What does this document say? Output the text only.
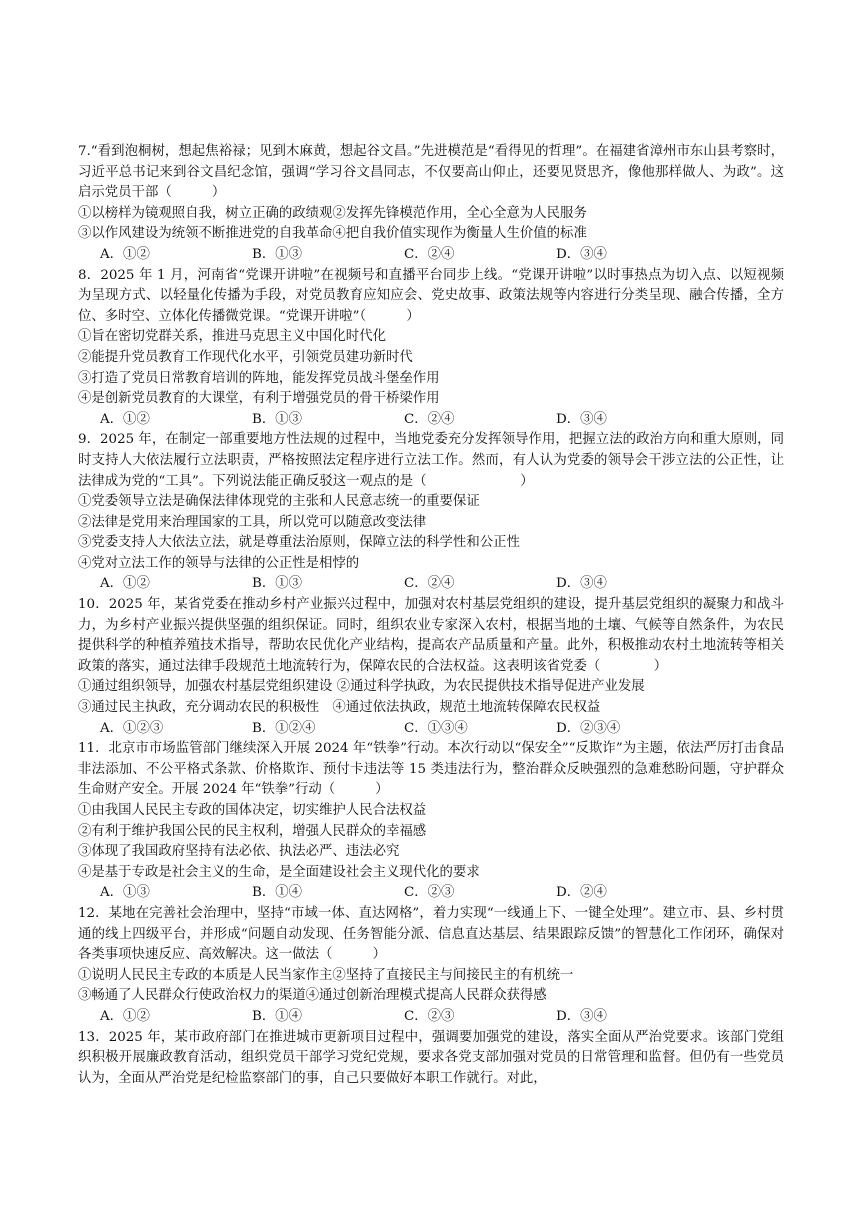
7.“看到泡桐树，想起焦裕禄；见到木麻黄，想起谷文昌。”先进模范是“看得见的哲理”。在福建省漳州市东山县考察时，习近平总书记来到谷文昌纪念馆，强调“学习谷文昌同志，不仅要高山仰止，还要见贤思齐，像他那样做人、为政”。这启示党员干部（　　　）

①以榜样为镜观照自我，树立正确的政绩观②发挥先锋模范作用，全心全意为人民服务

③以作风建设为统领不断推进党的自我革命④把自我价值实现作为衡量人生价值的标准

A．①②	B．①③	C．②④	D．③④

8．2025 年 1 月，河南省“党课开讲啦”在视频号和直播平台同步上线。“党课开讲啦”以时事热点为切入点、以短视频为呈现方式、以轻量化传播为手段，对党员教育应知应会、党史故事、政策法规等内容进行分类呈现、融合传播，全方位、多时空、立体化传播微党课。“党课开讲啦”（　　　）

①旨在密切党群关系，推进马克思主义中国化时代化

②能提升党员教育工作现代化水平，引领党员建功新时代

③打造了党员日常教育培训的阵地，能发挥党员战斗堡垒作用

④是创新党员教育的大课堂，有利于增强党员的骨干桥梁作用

A．①②	B．①③	C．②④	D．③④

9．2025 年，在制定一部重要地方性法规的过程中，当地党委充分发挥领导作用，把握立法的政治方向和重大原则，同时支持人大依法履行立法职责，严格按照法定程序进行立法工作。然而，有人认为党委的领导会干涉立法的公正性，让法律成为党的“工具”。下列说法能正确反驳这一观点的是（　　　　　　　）

①党委领导立法是确保法律体现党的主张和人民意志统一的重要保证

②法律是党用来治理国家的工具，所以党可以随意改变法律

③党委支持人大依法立法，就是尊重法治原则，保障立法的科学性和公正性

④党对立法工作的领导与法律的公正性是相悖的

A．①②	B．①③	C．②④	D．③④

10．2025 年，某省党委在推动乡村产业振兴过程中，加强对农村基层党组织的建设，提升基层党组织的凝聚力和战斗力，为乡村产业振兴提供坚强的组织保证。同时，组织农业专家深入农村，根据当地的土壤、气候等自然条件，为农民提供科学的种植养殖技术指导，帮助农民优化产业结构，提高农产品质量和产量。此外，积极推动农村土地流转等相关政策的落实，通过法律手段规范土地流转行为，保障农民的合法权益。这表明该省党委（　　　　）

①通过组织领导，加强农村基层党组织建设 ②通过科学执政，为农民提供技术指导促进产业发展

③通过民主执政，充分调动农民的积极性　④通过依法执政，规范土地流转保障农民权益

A．①②③	B．①②④	C．①③④	D．②③④

11．北京市市场监管部门继续深入开展 2024 年“铁拳”行动。本次行动以“保安全”“反欺诈”为主题，依法严厉打击食品非法添加、不公平格式条款、价格欺诈、预付卡违法等 15 类违法行为，整治群众反映强烈的急难愁盼问题，守护群众生命财产安全。开展 2024 年“铁拳”行动（　　　）

①由我国人民民主专政的国体决定，切实维护人民合法权益

②有利于维护我国公民的民主权利，增强人民群众的幸福感

③体现了我国政府坚持有法必依、执法必严、违法必究

④是基于专政是社会主义的生命，是全面建设社会主义现代化的要求

A．①③	B．①④	C．②③	D．②④

12．某地在完善社会治理中，坚持“市域一体、直达网格”，着力实现“一线通上下、一键全处理”。建立市、县、乡村贯通的线上四级平台，并形成“问题自动发现、任务智能分派、信息直达基层、结果跟踪反馈”的智慧化工作闭环，确保对各类事项快速反应、高效解决。这一做法（　　　）

①说明人民民主专政的本质是人民当家作主②坚持了直接民主与间接民主的有机统一

③畅通了人民群众行使政治权力的渠道④通过创新治理模式提高人民群众获得感

A．①②	B．①④	C．②③	D．③④

13．2025 年，某市政府部门在推进城市更新项目过程中，强调要加强党的建设，落实全面从严治党要求。该部门党组织积极开展廉政教育活动，组织党员干部学习党纪党规，要求各党支部加强对党员的日常管理和监督。但仍有一些党员认为，全面从严治党是纪检监察部门的事，自己只要做好本职工作就行。对此，
